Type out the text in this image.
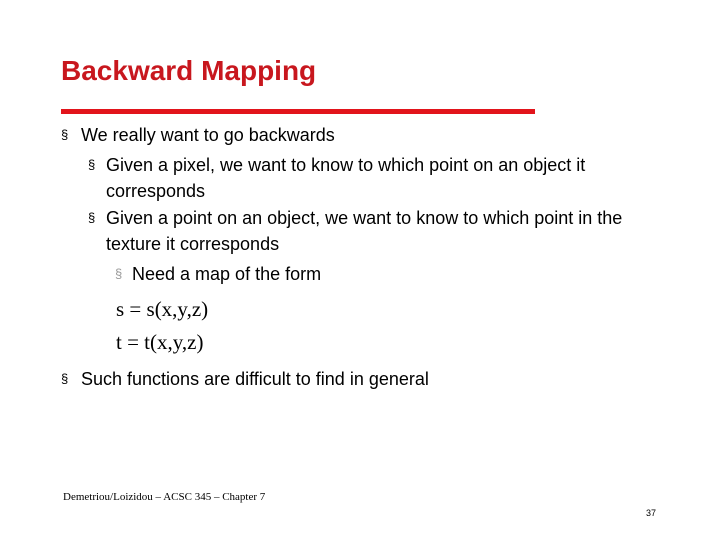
Backward Mapping
§ We really want to go backwards
§ Given a pixel, we want to know to which point on an object it corresponds
§ Given a point on an object, we want to know to which point in the texture it corresponds
§ Need a map of the form
s = s(x,y,z)
t = t(x,y,z)
§ Such functions are difficult to find in general
Demetriou/Loizidou – ACSC 345 – Chapter 7
37
